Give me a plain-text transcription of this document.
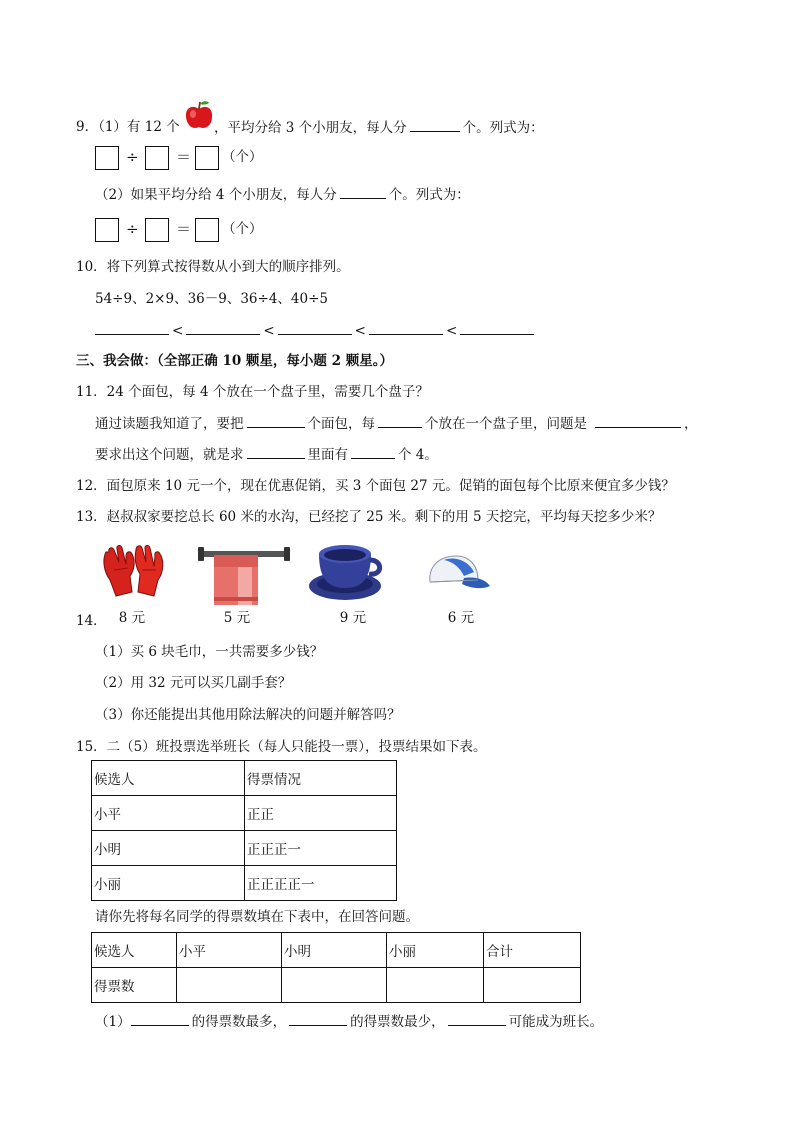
9．（1）有 12 个	，平均分给 3 个小朋友，每人分	个。列式为：
÷ ＝ （个）
（2）如果平均分给 4 个小朋友，每人分	个。列式为：
÷ ＝ （个）
10．将下列算式按得数从小到大的顺序排列。
54÷9、2×9、36－9、36÷4、40÷5
<	<	<	<
三、我会做：（全部正确 10 颗星，每小题 2 颗星。）
11．24 个面包，每 4 个放在一个盘子里，需要几个盘子？
通过读题我知道了，要把	个面包，每	个放在一个盘子里，问题是	，
要求出这个问题，就是求	里面有	个 4。
12．面包原来 10 元一个，现在优惠促销，买 3 个面包 27 元。促销的面包每个比原来便宜多少钱？
13．赵叔叔家要挖总长 60 米的水沟，已经挖了 25 米。剩下的用 5 天挖完，平均每天挖多少米？
8 元	5 元	9 元	6 元
14．
（1）买 6 块毛巾，一共需要多少钱？
（2）用 32 元可以买几副手套？
（3）你还能提出其他用除法解决的问题并解答吗？
15．二（5）班投票选举班长（每人只能投一票），投票结果如下表。
候选人	得票情况
小平	正正
小明	正正正一
小丽	正正正正一
请你先将每名同学的得票数填在下表中，在回答问题。
候选人	小平	小明	小丽	合计
得票数				
（1）	的得票数最多，	的得票数最少，	可能成为班长。
